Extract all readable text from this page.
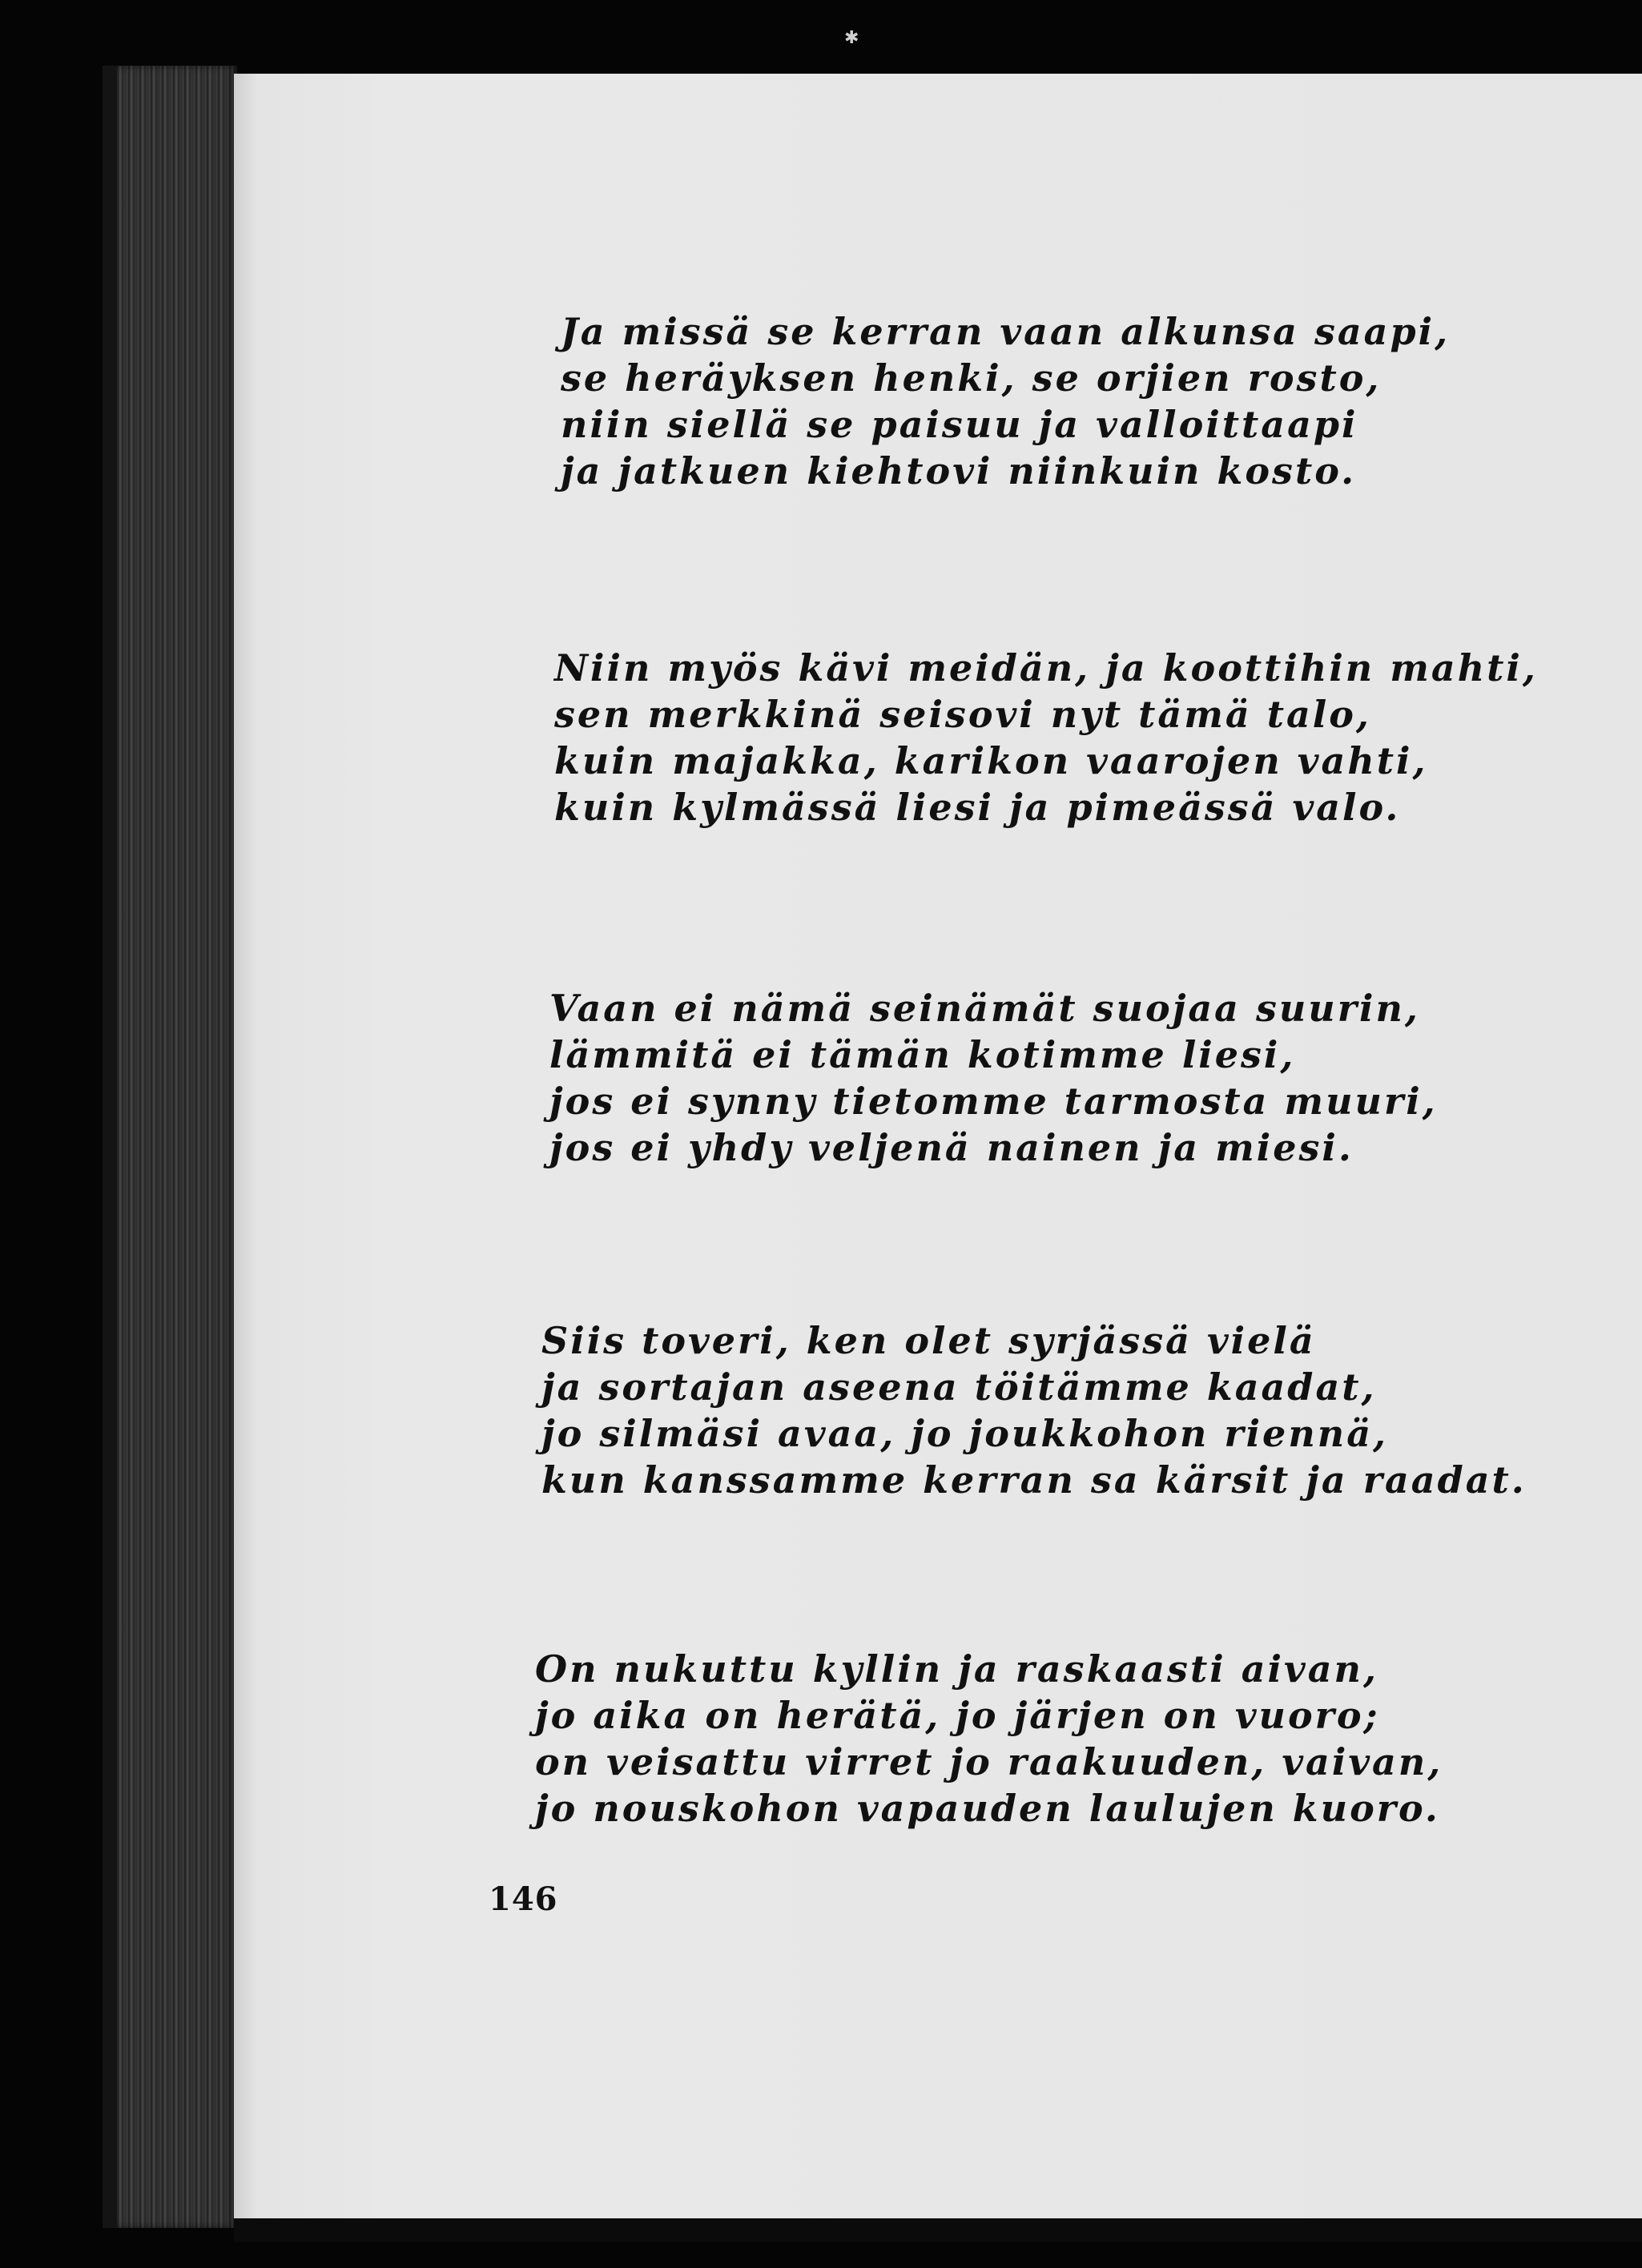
✱
Ja missä se kerran vaan alkunsa saapi,
se heräyksen henki, se orjien rosto,
niin siellä se paisuu ja valloittaapi
ja jatkuen kiehtovi niinkuin kosto.
Niin myös kävi meidän, ja koottihin mahti,
sen merkkinä seisovi nyt tämä talo,
kuin majakka, karikon vaarojen vahti,
kuin kylmässä liesi ja pimeässä valo.
Vaan ei nämä seinämät suojaa suurin,
lämmitä ei tämän kotimme liesi,
jos ei synny tietomme tarmosta muuri,
jos ei yhdy veljenä nainen ja miesi.
Siis toveri, ken olet syrjässä vielä
ja sortajan aseena töitämme kaadat,
jo silmäsi avaa, jo joukkohon riennä,
kun kanssamme kerran sa kärsit ja raadat.
On nukuttu kyllin ja raskaasti aivan,
jo aika on herätä, jo järjen on vuoro;
on veisattu virret jo raakuuden, vaivan,
jo nouskohon vapauden laulujen kuoro.
146
